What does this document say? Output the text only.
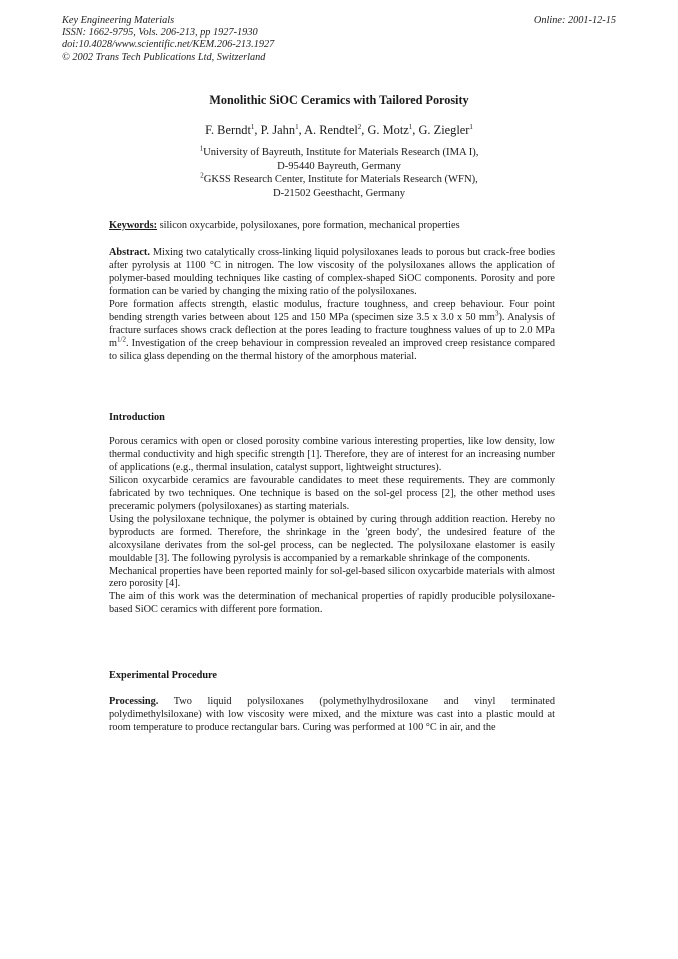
Key Engineering Materials
ISSN: 1662-9795, Vols. 206-213, pp 1927-1930
doi:10.4028/www.scientific.net/KEM.206-213.1927
© 2002 Trans Tech Publications Ltd, Switzerland
Online: 2001-12-15
Monolithic SiOC Ceramics with Tailored Porosity
F. Berndt$^1$, P. Jahn$^1$, A. Rendtel$^2$, G. Motz$^1$, G. Ziegler$^1$
$^1$University of Bayreuth, Institute for Materials Research (IMA I),
D-95440 Bayreuth, Germany
$^2$GKSS Research Center, Institute for Materials Research (WFN),
D-21502 Geesthacht, Germany
Keywords: silicon oxycarbide, polysiloxanes, pore formation, mechanical properties

Abstract. Mixing two catalytically cross-linking liquid polysiloxanes leads to porous but crack-free bodies after pyrolysis at 1100 °C in nitrogen. The low viscosity of the polysiloxanes allows the application of polymer-based moulding techniques like casting of complex-shaped SiOC components. Porosity and pore formation can be varied by changing the mixing ratio of the polysiloxanes.

Pore formation affects strength, elastic modulus, fracture toughness, and creep behaviour. Four point bending strength varies between about 125 and 150 MPa (specimen size 3.5 x 3.0 x 50 $mm^3$). Analysis of fracture surfaces shows crack deflection at the pores leading to fracture toughness values of up to 2.0 MPa $m^{1/2}$. Investigation of the creep behaviour in compression revealed an improved creep resistance compared to silica glass depending on the thermal history of the amorphous material.

Introduction

Porous ceramics with open or closed porosity combine various interesting properties, like low density, low thermal conductivity and high specific strength [1]. Therefore, they are of interest for an increasing number of applications (e.g., thermal insulation, catalyst support, lightweight structures).

Silicon oxycarbide ceramics are favourable candidates to meet these requirements. They are commonly fabricated by two techniques. One technique is based on the sol-gel process [2], the other method uses preceramic polymers (polysiloxanes) as starting materials.

Using the polysiloxane technique, the polymer is obtained by curing through addition reaction. Hereby no byproducts are formed. Therefore, the shrinkage in the 'green body', the undesired feature of the alcoxysilane derivates from the sol-gel process, can be neglected. The polysiloxane elastomer is easily mouldable [3]. The following pyrolysis is accompanied by a remarkable shrinkage of the components.

Mechanical properties have been reported mainly for sol-gel-based silicon oxycarbide materials with almost zero porosity [4].

The aim of this work was the determination of mechanical properties of rapidly producible polysiloxane-based SiOC ceramics with different pore formation.

Experimental Procedure

Processing. Two liquid polysiloxanes (polymethylhydrosiloxane and vinyl terminated polydimethylsiloxane) with low viscosity were mixed, and the mixture was cast into a plastic mould at room temperature to produce rectangular bars. Curing was performed at 100 °C in air, and the
